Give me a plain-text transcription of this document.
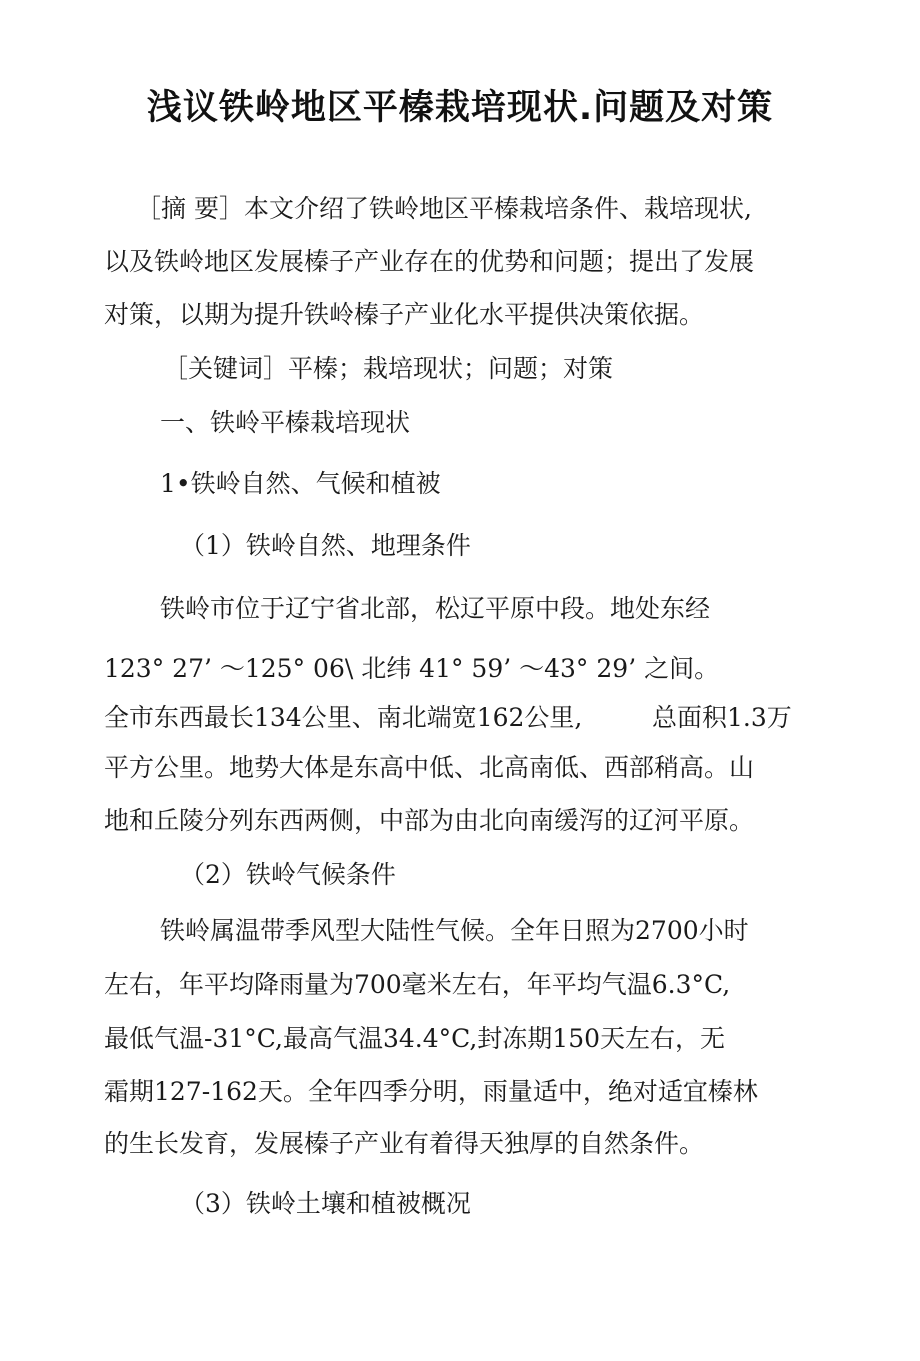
浅议铁岭地区平榛栽培现状.问题及对策
［摘 要］本文介绍了铁岭地区平榛栽培条件、栽培现状,
以及铁岭地区发展榛子产业存在的优势和问题；提出了发展
对策，以期为提升铁岭榛子产业化水平提供决策依据。
［关键词］平榛；栽培现状；问题；对策
一、铁岭平榛栽培现状
1•铁岭自然、气候和植被
（1）铁岭自然、地理条件
铁岭市位于辽宁省北部，松辽平原中段。地处东经
123° 27’ ～125° 06\ 北纬 41° 59’ ～43° 29’ 之间。
全市东西最长134公里、南北端宽162公里,	总面积1.3万
平方公里。地势大体是东高中低、北高南低、西部稍高。山
地和丘陵分列东西两侧，中部为由北向南缓泻的辽河平原。
（2）铁岭气候条件
铁岭属温带季风型大陆性气候。全年日照为2700小时
左右，年平均降雨量为700毫米左右，年平均气温6.3°C,
最低气温-31°C,最高气温34.4°C,封冻期150天左右，无
霜期127-162天。全年四季分明，雨量适中，绝对适宜榛林
的生长发育，发展榛子产业有着得天独厚的自然条件。
（3）铁岭土壤和植被概况
